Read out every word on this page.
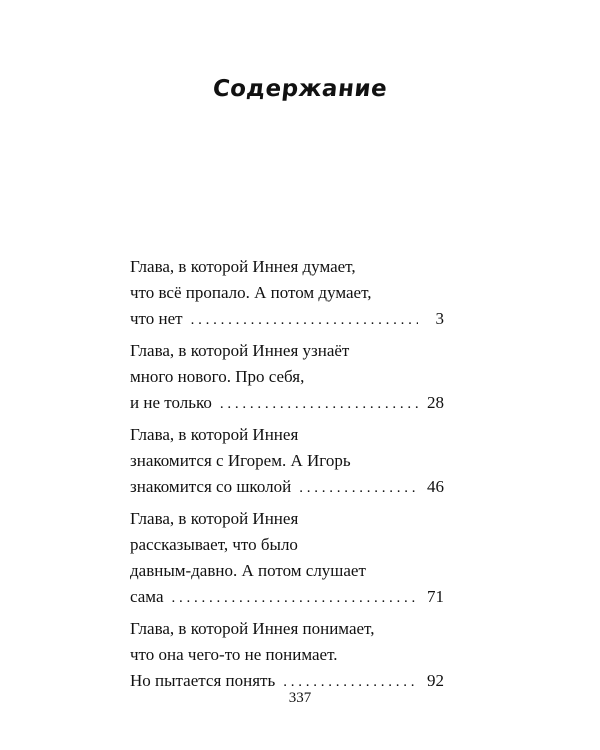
Содержание
Глава, в которой Иннея думает,
что всё пропало. А потом думает,
что нет . . .	3
Глава, в которой Иннея узнаёт
много нового. Про себя,
и не только . . .	28
Глава, в которой Иннея
знакомится с Игорем. А Игорь
знакомится со школой . . .	46
Глава, в которой Иннея
рассказывает, что было
давным-давно. А потом слушает
сама . . .	71
Глава, в которой Иннея понимает,
что она чего-то не понимает.
Но пытается понять . . .	92
337
